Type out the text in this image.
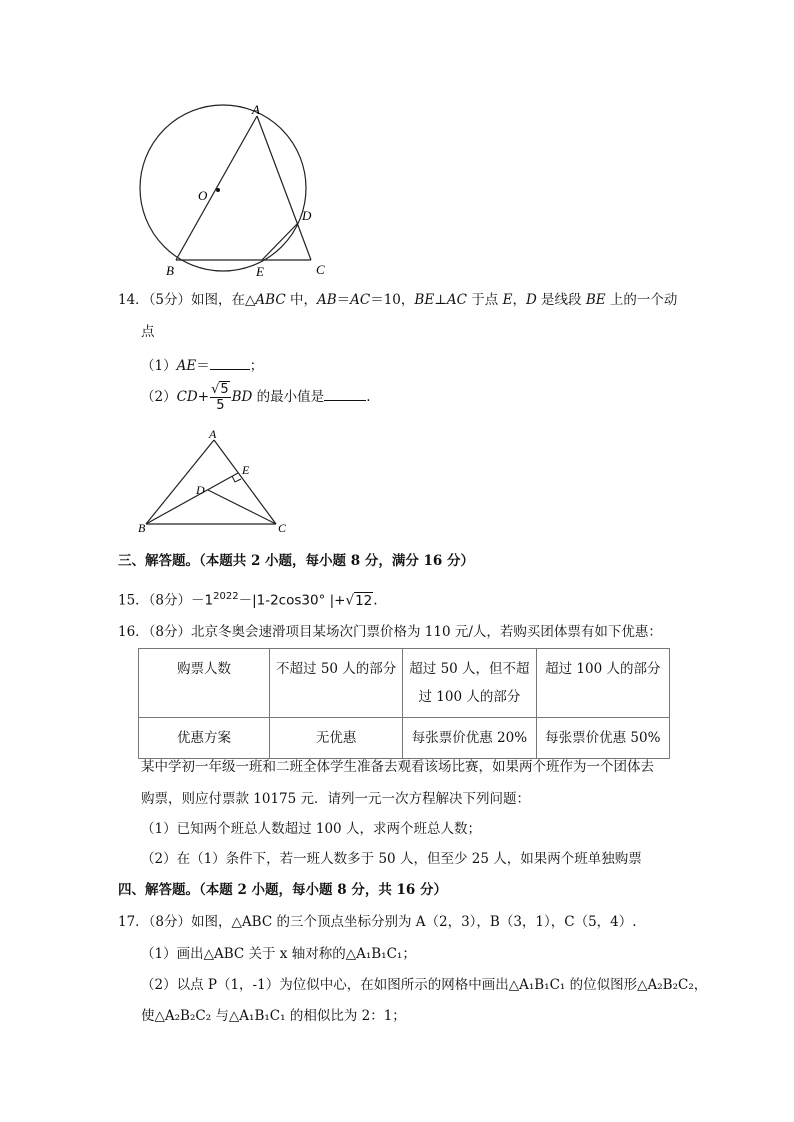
A
O
D
B	E	C
14．（5分）如图，在△ABC 中，AB＝AC＝10，BE⊥AC 于点 E，D 是线段 BE 上的一个动
点
（1）AE＝	；
$(2)CD+ \frac{√5}{5}$ BD 的最小值是	.
A
E
D
B	C
三、解答题。（本题共 2 小题，每小题 8 分，满分 16 分）
15．（8分）$-1^{2022}-|1-2\cos 30^\circ$ |+√12.
16．（8分）北京冬奥会速滑项目某场次门票价格为 110 元/人，若购买团体票有如下优惠：
购票人数	不超过 50 人的部分	超过 50 人，但不超过 100 人的部分	超过 100 人的部分
优惠方案	无优惠	每张票价优惠 20%	每张票价优惠 50%
某中学初一年级一班和二班全体学生准备去观看该场比赛，如果两个班作为一个团体去
购票，则应付票款 10175 元．请列一元一次方程解决下列问题：
（1）已知两个班总人数超过 100 人，求两个班总人数；
（2）在（1）条件下，若一班人数多于 50 人，但至少 25 人，如果两个班单独购票
四、解答题。（本题 2 小题，每小题 8 分，共 16 分）
17．（8分）如图，△ABC 的三个顶点坐标分别为 A（2，3），B（3，1），C（5，4）.
（1）画出△ABC 关于 x 轴对称的△A₁B₁C₁；
（2）以点 P（1，-1）为位似中心，在如图所示的网格中画出△A₁B₁C₁ 的位似图形△A₂B₂C₂，
使△A₂B₂C₂ 与△A₁B₁C₁ 的相似比为 2：1；
